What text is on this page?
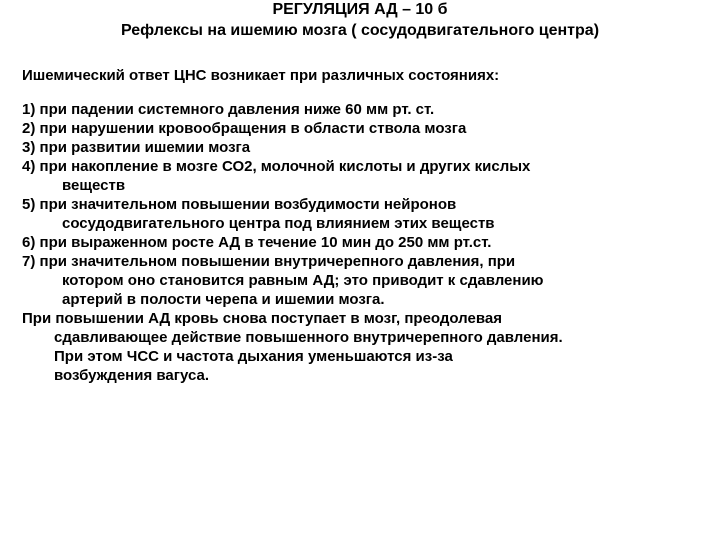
РЕГУЛЯЦИЯ АД – 10 б
Рефлексы на ишемию мозга ( сосудодвигательного центра)
Ишемический ответ ЦНС возникает при различных состояниях:
1) при падении системного давления ниже 60 мм рт. ст.
2) при нарушении кровообращения в области ствола мозга
3) при развитии ишемии мозга
4) при накопление в мозге СО2, молочной кислоты и других кислых
веществ
5) при значительном повышении возбудимости нейронов
сосудодвигательного центра под влиянием этих веществ
6) при выраженном росте АД в течение 10 мин до 250 мм рт.ст.
7) при значительном повышении внутричерепного давления, при
котором оно становится равным АД; это приводит к сдавлению
артерий в полости черепа и ишемии мозга.
При повышении АД кровь снова поступает в мозг, преодолевая
сдавливающее действие повышенного внутричерепного давления.
При этом ЧСС и частота дыхания уменьшаются из-за
возбуждения вагуса.
